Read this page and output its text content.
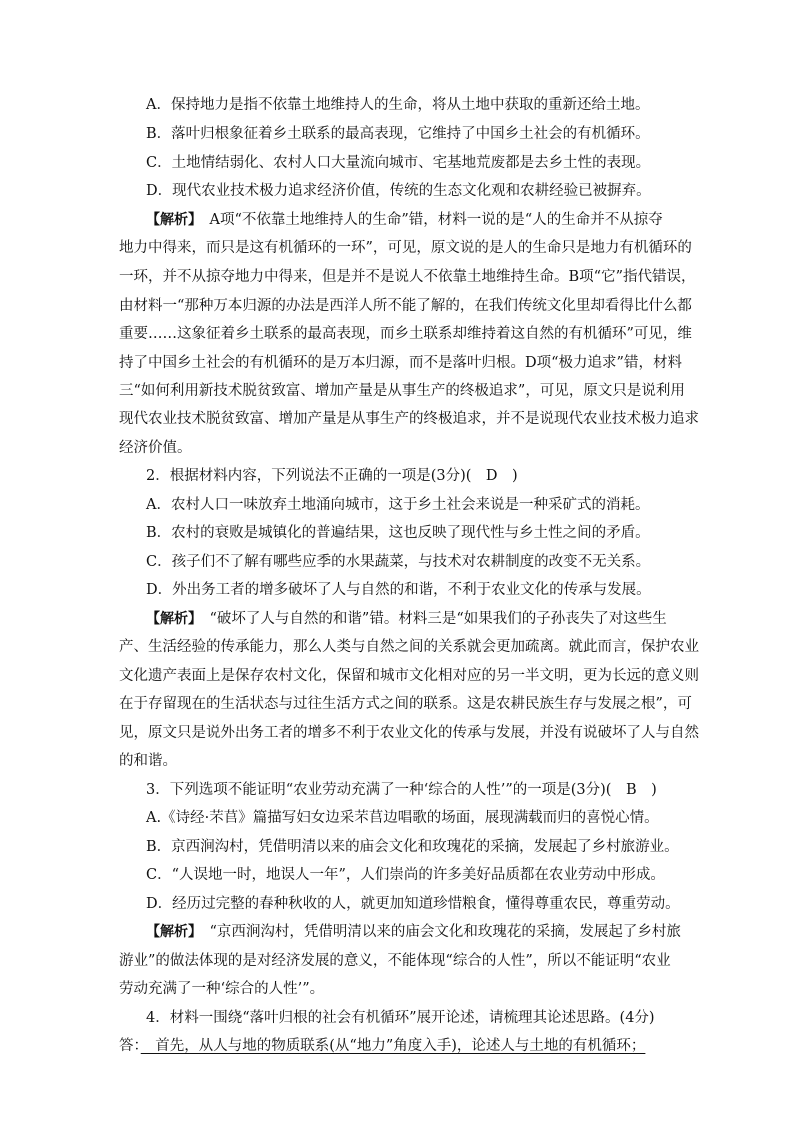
A．保持地力是指不依靠土地维持人的生命，将从土地中获取的重新还给土地。
B．落叶归根象征着乡土联系的最高表现，它维持了中国乡土社会的有机循环。
C．土地情结弱化、农村人口大量流向城市、宅基地荒废都是去乡土性的表现。
D．现代农业技术极力追求经济价值，传统的生态文化观和农耕经验已被摒弃。
【解析】　A项“不依靠土地维持人的生命”错，材料一说的是“人的生命并不从掠夺
地力中得来，而只是这有机循环的一环”，可见，原文说的是人的生命只是地力有机循环的
一环，并不从掠夺地力中得来，但是并不是说人不依靠土地维持生命。B项“它”指代错误，
由材料一“那种万本归源的办法是西洋人所不能了解的，在我们传统文化里却看得比什么都
重要……这象征着乡土联系的最高表现，而乡土联系却维持着这自然的有机循环”可见，维
持了中国乡土社会的有机循环的是万本归源，而不是落叶归根。D项“极力追求”错，材料
三“如何利用新技术脱贫致富、增加产量是从事生产的终极追求”，可见，原文只是说利用
现代农业技术脱贫致富、增加产量是从事生产的终极追求，并不是说现代农业技术极力追求
经济价值。
2．根据材料内容，下列说法不正确的一项是(3分)(　D　)
A．农村人口一味放弃土地涌向城市，这于乡土社会来说是一种采矿式的消耗。
B．农村的衰败是城镇化的普遍结果，这也反映了现代性与乡土性之间的矛盾。
C．孩子们不了解有哪些应季的水果蔬菜，与技术对农耕制度的改变不无关系。
D．外出务工者的增多破坏了人与自然的和谐，不利于农业文化的传承与发展。
【解析】　“破坏了人与自然的和谐”错。材料三是“如果我们的子孙丧失了对这些生
产、生活经验的传承能力，那么人类与自然之间的关系就会更加疏离。就此而言，保护农业
文化遗产表面上是保存农村文化，保留和城市文化相对应的另一半文明，更为长远的意义则
在于存留现在的生活状态与过往生活方式之间的联系。这是农耕民族生存与发展之根”，可
见，原文只是说外出务工者的增多不利于农业文化的传承与发展，并没有说破坏了人与自然
的和谐。
3．下列选项不能证明“农业劳动充满了一种‘综合的人性’”的一项是(3分)(　B　)
A.《诗经·芣苢》篇描写妇女边采芣苢边唱歌的场面，展现满载而归的喜悦心情。
B．京西涧沟村，凭借明清以来的庙会文化和玫瑰花的采摘，发展起了乡村旅游业。
C．“人误地一时，地误人一年”，人们崇尚的许多美好品质都在农业劳动中形成。
D．经历过完整的春种秋收的人，就更加知道珍惜粮食，懂得尊重农民，尊重劳动。
【解析】　“京西涧沟村，凭借明清以来的庙会文化和玫瑰花的采摘，发展起了乡村旅
游业”的做法体现的是对经济发展的意义，不能体现“综合的人性”，所以不能证明“农业
劳动充满了一种‘综合的人性’”。
4．材料一围绕“落叶归根的社会有机循环”展开论述，请梳理其论述思路。(4分)
答：　首先，从人与地的物质联系(从“地力”角度入手)，论述人与土地的有机循环；
